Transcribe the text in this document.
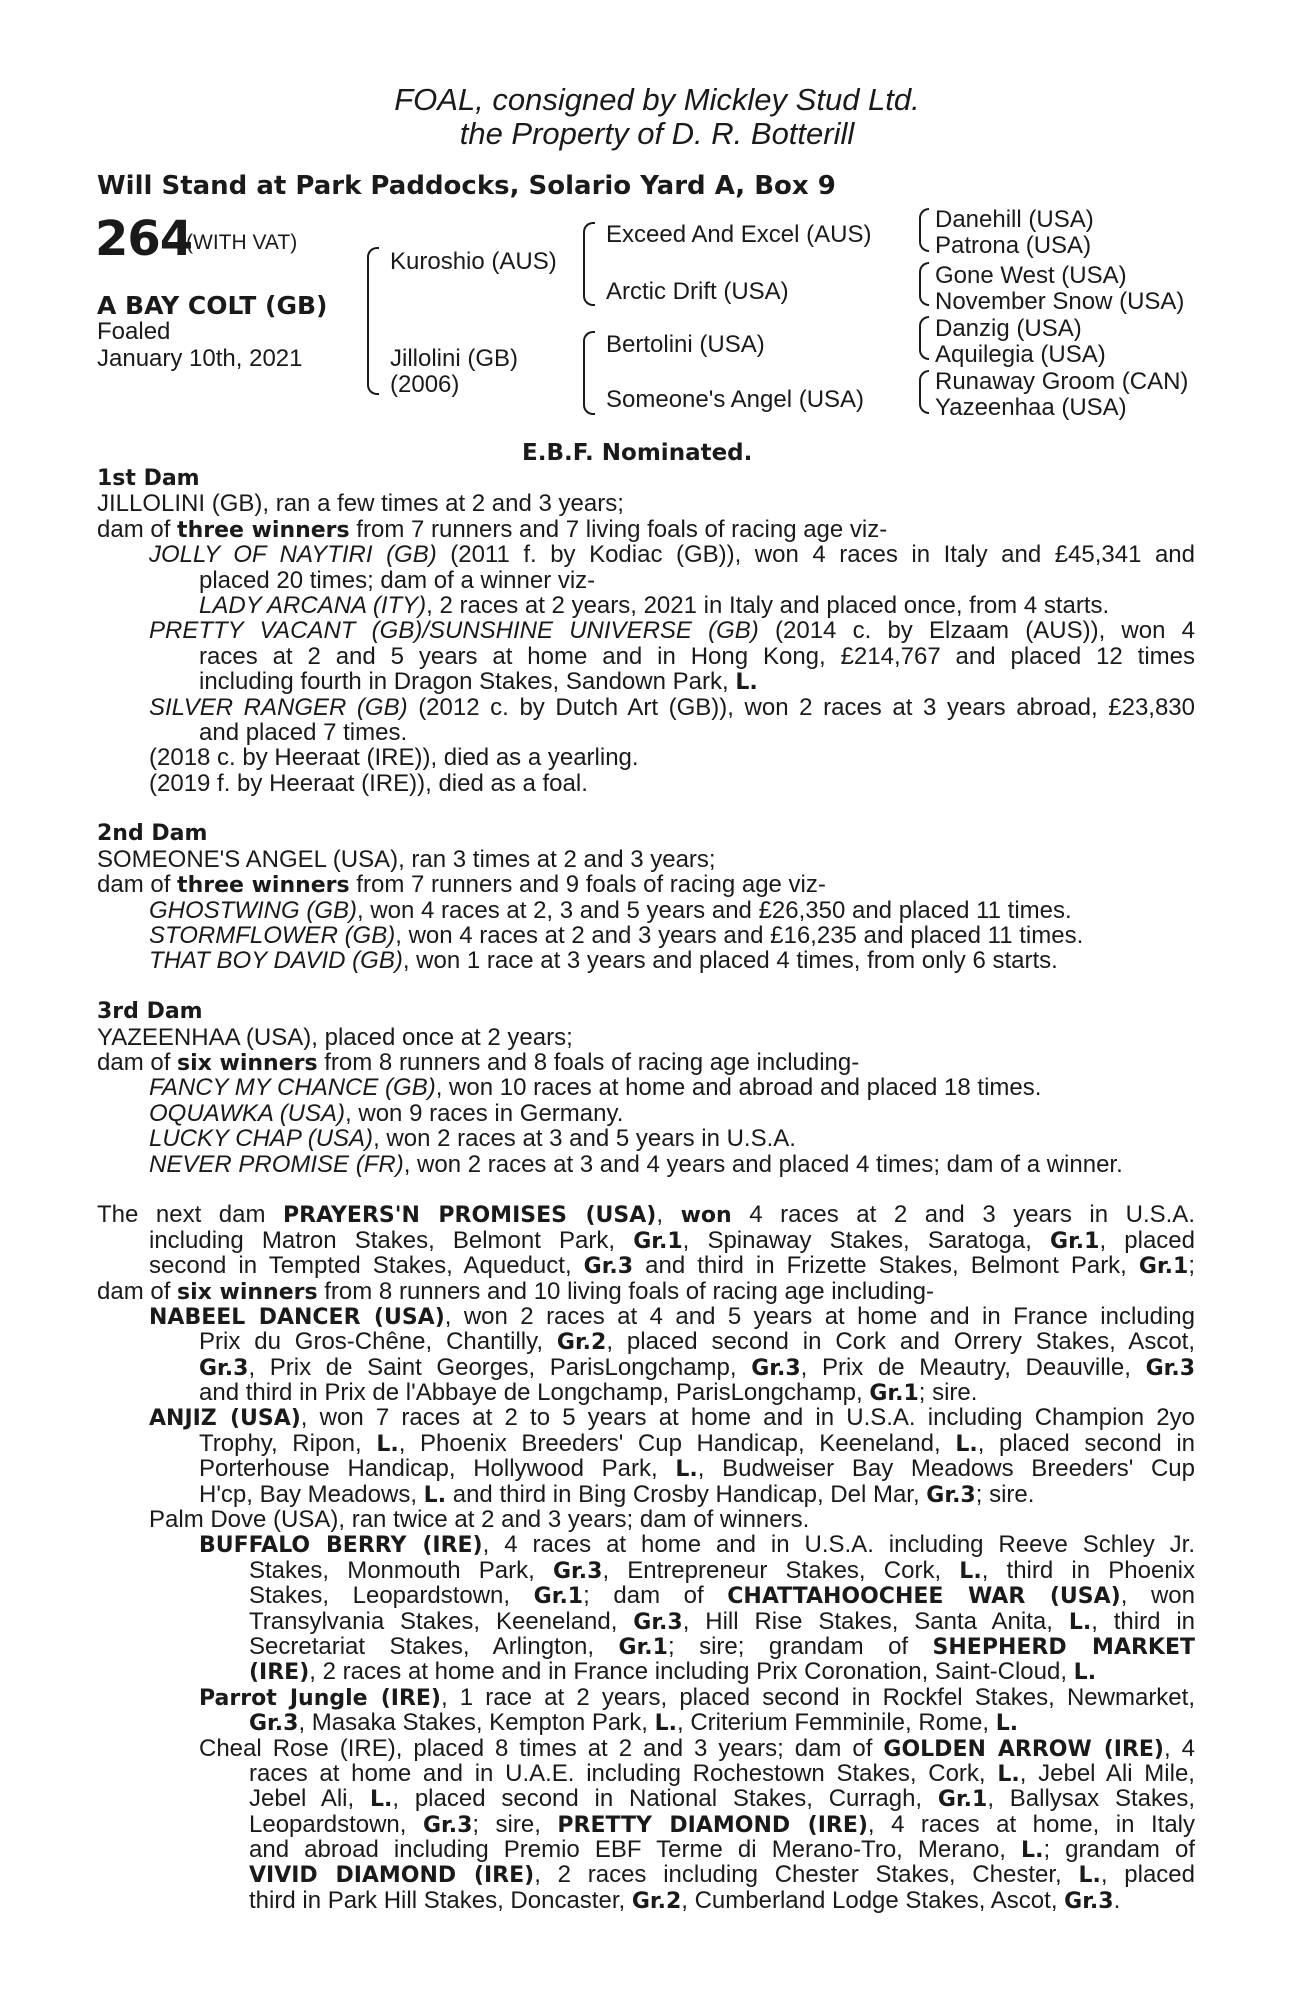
FOAL, consigned by Mickley Stud Ltd.
the Property of D. R. Botterill
Will Stand at Park Paddocks, Solario Yard A, Box 9
264
(WITH VAT)
A BAY COLT (GB)
Foaled
January 10th, 2021
Kuroshio (AUS)
Jillolini (GB)
(2006)
Exceed And Excel (AUS)
Arctic Drift (USA)
Bertolini (USA)
Someone's Angel (USA)
Danehill (USA)
Patrona (USA)
Gone West (USA)
November Snow (USA)
Danzig (USA)
Aquilegia (USA)
Runaway Groom (CAN)
Yazeenhaa (USA)
E.B.F. Nominated.
1st Dam
JILLOLINI (GB), ran a few times at 2 and 3 years;
dam of three winners from 7 runners and 7 living foals of racing age viz-
JOLLY OF NAYTIRI (GB) (2011 f. by Kodiac (GB)), won 4 races in Italy and £45,341 and
placed 20 times; dam of a winner viz-
LADY ARCANA (ITY), 2 races at 2 years, 2021 in Italy and placed once, from 4 starts.
PRETTY VACANT (GB)/SUNSHINE UNIVERSE (GB) (2014 c. by Elzaam (AUS)), won 4
races at 2 and 5 years at home and in Hong Kong, £214,767 and placed 12 times
including fourth in Dragon Stakes, Sandown Park, L.
SILVER RANGER (GB) (2012 c. by Dutch Art (GB)), won 2 races at 3 years abroad, £23,830
and placed 7 times.
(2018 c. by Heeraat (IRE)), died as a yearling.
(2019 f. by Heeraat (IRE)), died as a foal.
2nd Dam
SOMEONE'S ANGEL (USA), ran 3 times at 2 and 3 years;
dam of three winners from 7 runners and 9 foals of racing age viz-
GHOSTWING (GB), won 4 races at 2, 3 and 5 years and £26,350 and placed 11 times.
STORMFLOWER (GB), won 4 races at 2 and 3 years and £16,235 and placed 11 times.
THAT BOY DAVID (GB), won 1 race at 3 years and placed 4 times, from only 6 starts.
3rd Dam
YAZEENHAA (USA), placed once at 2 years;
dam of six winners from 8 runners and 8 foals of racing age including-
FANCY MY CHANCE (GB), won 10 races at home and abroad and placed 18 times.
OQUAWKA (USA), won 9 races in Germany.
LUCKY CHAP (USA), won 2 races at 3 and 5 years in U.S.A.
NEVER PROMISE (FR), won 2 races at 3 and 4 years and placed 4 times; dam of a winner.
The next dam PRAYERS'N PROMISES (USA), won 4 races at 2 and 3 years in U.S.A.
including Matron Stakes, Belmont Park, Gr.1, Spinaway Stakes, Saratoga, Gr.1, placed
second in Tempted Stakes, Aqueduct, Gr.3 and third in Frizette Stakes, Belmont Park, Gr.1;
dam of six winners from 8 runners and 10 living foals of racing age including-
NABEEL DANCER (USA), won 2 races at 4 and 5 years at home and in France including
Prix du Gros-Chêne, Chantilly, Gr.2, placed second in Cork and Orrery Stakes, Ascot,
Gr.3, Prix de Saint Georges, ParisLongchamp, Gr.3, Prix de Meautry, Deauville, Gr.3
and third in Prix de l'Abbaye de Longchamp, ParisLongchamp, Gr.1; sire.
ANJIZ (USA), won 7 races at 2 to 5 years at home and in U.S.A. including Champion 2yo
Trophy, Ripon, L., Phoenix Breeders' Cup Handicap, Keeneland, L., placed second in
Porterhouse Handicap, Hollywood Park, L., Budweiser Bay Meadows Breeders' Cup
H'cp, Bay Meadows, L. and third in Bing Crosby Handicap, Del Mar, Gr.3; sire.
Palm Dove (USA), ran twice at 2 and 3 years; dam of winners.
BUFFALO BERRY (IRE), 4 races at home and in U.S.A. including Reeve Schley Jr.
Stakes, Monmouth Park, Gr.3, Entrepreneur Stakes, Cork, L., third in Phoenix
Stakes, Leopardstown, Gr.1; dam of CHATTAHOOCHEE WAR (USA), won
Transylvania Stakes, Keeneland, Gr.3, Hill Rise Stakes, Santa Anita, L., third in
Secretariat Stakes, Arlington, Gr.1; sire; grandam of SHEPHERD MARKET
(IRE), 2 races at home and in France including Prix Coronation, Saint-Cloud, L.
Parrot Jungle (IRE), 1 race at 2 years, placed second in Rockfel Stakes, Newmarket,
Gr.3, Masaka Stakes, Kempton Park, L., Criterium Femminile, Rome, L.
Cheal Rose (IRE), placed 8 times at 2 and 3 years; dam of GOLDEN ARROW (IRE), 4
races at home and in U.A.E. including Rochestown Stakes, Cork, L., Jebel Ali Mile,
Jebel Ali, L., placed second in National Stakes, Curragh, Gr.1, Ballysax Stakes,
Leopardstown, Gr.3; sire, PRETTY DIAMOND (IRE), 4 races at home, in Italy
and abroad including Premio EBF Terme di Merano-Tro, Merano, L.; grandam of
VIVID DIAMOND (IRE), 2 races including Chester Stakes, Chester, L., placed
third in Park Hill Stakes, Doncaster, Gr.2, Cumberland Lodge Stakes, Ascot, Gr.3.
